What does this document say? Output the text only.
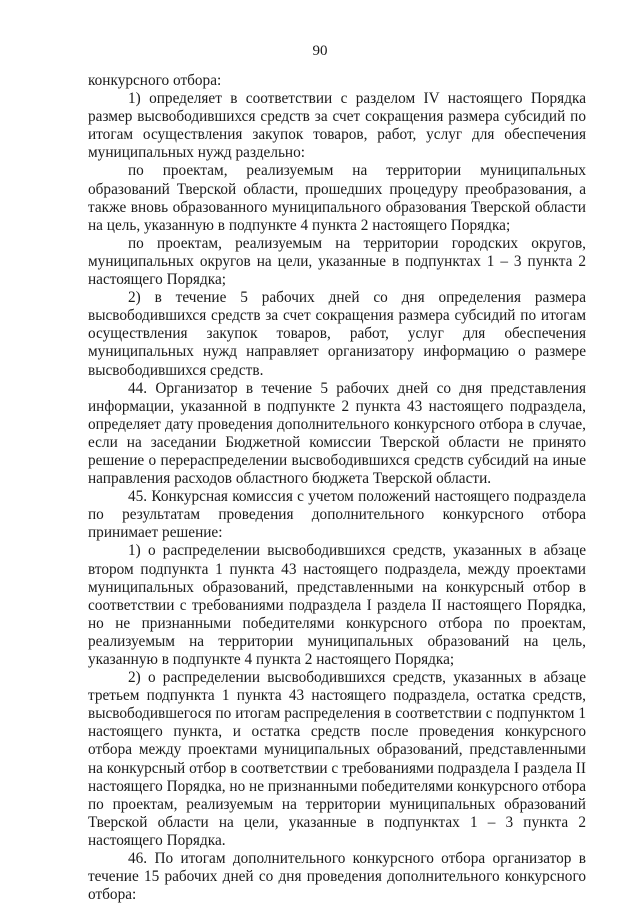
90

конкурсного отбора:

1) определяет в соответствии с разделом IV настоящего Порядка размер высвободившихся средств за счет сокращения размера субсидий по итогам осуществления закупок товаров, работ, услуг для обеспечения муниципальных нужд раздельно:

по проектам, реализуемым на территории муниципальных образований Тверской области, прошедших процедуру преобразования, а также вновь образованного муниципального образования Тверской области на цель, указанную в подпункте 4 пункта 2 настоящего Порядка;

по проектам, реализуемым на территории городских округов, муниципальных округов на цели, указанные в подпунктах 1 – 3 пункта 2 настоящего Порядка;

2) в течение 5 рабочих дней со дня определения размера высвободившихся средств за счет сокращения размера субсидий по итогам осуществления закупок товаров, работ, услуг для обеспечения муниципальных нужд направляет организатору информацию о размере высвободившихся средств.

44. Организатор в течение 5 рабочих дней со дня представления информации, указанной в подпункте 2 пункта 43 настоящего подраздела, определяет дату проведения дополнительного конкурсного отбора в случае, если на заседании Бюджетной комиссии Тверской области не принято решение о перераспределении высвободившихся средств субсидий на иные направления расходов областного бюджета Тверской области.

45. Конкурсная комиссия с учетом положений настоящего подраздела по результатам проведения дополнительного конкурсного отбора принимает решение:

1) о распределении высвободившихся средств, указанных в абзаце втором подпункта 1 пункта 43 настоящего подраздела, между проектами муниципальных образований, представленными на конкурсный отбор в соответствии с требованиями подраздела I раздела II настоящего Порядка, но не признанными победителями конкурсного отбора по проектам, реализуемым на территории муниципальных образований на цель, указанную в подпункте 4 пункта 2 настоящего Порядка;

2) о распределении высвободившихся средств, указанных в абзаце третьем подпункта 1 пункта 43 настоящего подраздела, остатка средств, высвободившегося по итогам распределения в соответствии с подпунктом 1 настоящего пункта, и остатка средств после проведения конкурсного отбора между проектами муниципальных образований, представленными на конкурсный отбор в соответствии с требованиями подраздела I раздела II настоящего Порядка, но не признанными победителями конкурсного отбора по проектам, реализуемым на территории муниципальных образований Тверской области на цели, указанные в подпунктах 1 – 3 пункта 2 настоящего Порядка.

46. По итогам дополнительного конкурсного отбора организатор в течение 15 рабочих дней со дня проведения дополнительного конкурсного отбора:
